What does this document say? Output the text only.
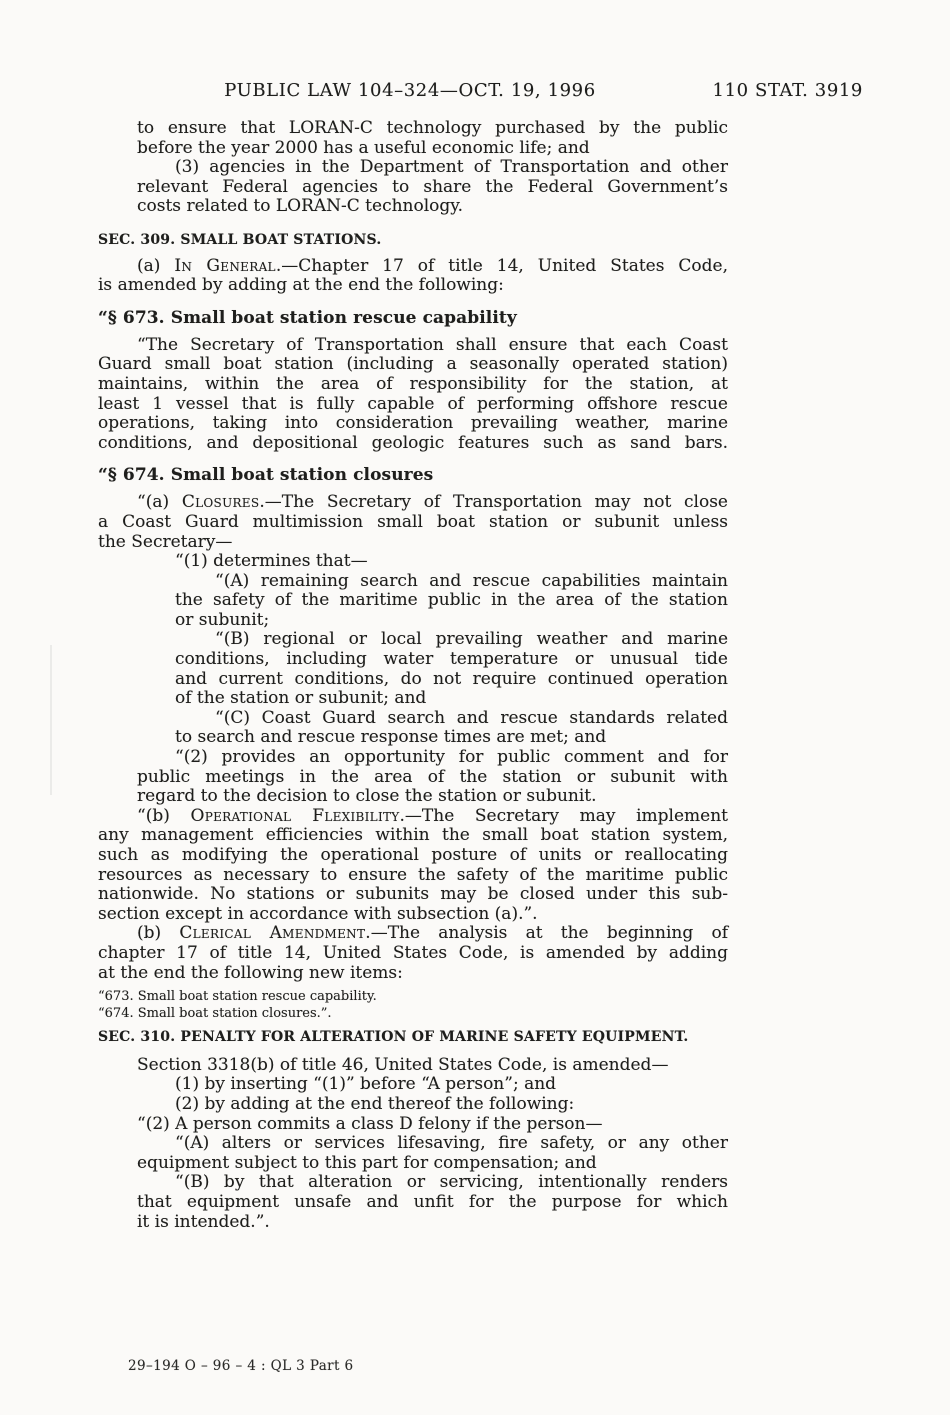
PUBLIC LAW 104–324—OCT. 19, 1996	110 STAT. 3919
to ensure that LORAN-C technology purchased by the public
before the year 2000 has a useful economic life; and
(3) agencies in the Department of Transportation and other
relevant Federal agencies to share the Federal Government’s
costs related to LORAN-C technology.
SEC. 309. SMALL BOAT STATIONS.
(a) In General.—Chapter 17 of title 14, United States Code,
is amended by adding at the end the following:
“§ 673. Small boat station rescue capability
“The Secretary of Transportation shall ensure that each Coast
Guard small boat station (including a seasonally operated station)
maintains, within the area of responsibility for the station, at
least 1 vessel that is fully capable of performing offshore rescue
operations, taking into consideration prevailing weather, marine
conditions, and depositional geologic features such as sand bars.
“§ 674. Small boat station closures
“(a) Closures.—The Secretary of Transportation may not close
a Coast Guard multimission small boat station or subunit unless
the Secretary—
“(1) determines that—
“(A) remaining search and rescue capabilities maintain
the safety of the maritime public in the area of the station
or subunit;
“(B) regional or local prevailing weather and marine
conditions, including water temperature or unusual tide
and current conditions, do not require continued operation
of the station or subunit; and
“(C) Coast Guard search and rescue standards related
to search and rescue response times are met; and
“(2) provides an opportunity for public comment and for
public meetings in the area of the station or subunit with
regard to the decision to close the station or subunit.
“(b) Operational Flexibility.—The Secretary may implement
any management efficiencies within the small boat station system,
such as modifying the operational posture of units or reallocating
resources as necessary to ensure the safety of the maritime public
nationwide. No stations or subunits may be closed under this sub-
section except in accordance with subsection (a).”.
(b) Clerical Amendment.—The analysis at the beginning of
chapter 17 of title 14, United States Code, is amended by adding
at the end the following new items:
“673. Small boat station rescue capability.
“674. Small boat station closures.”.
SEC. 310. PENALTY FOR ALTERATION OF MARINE SAFETY EQUIPMENT.
Section 3318(b) of title 46, United States Code, is amended—
(1) by inserting “(1)” before “A person”; and
(2) by adding at the end thereof the following:
“(2) A person commits a class D felony if the person—
“(A) alters or services lifesaving, fire safety, or any other
equipment subject to this part for compensation; and
“(B) by that alteration or servicing, intentionally renders
that equipment unsafe and unfit for the purpose for which
it is intended.”.
29–194 O – 96 – 4 : QL 3 Part 6
